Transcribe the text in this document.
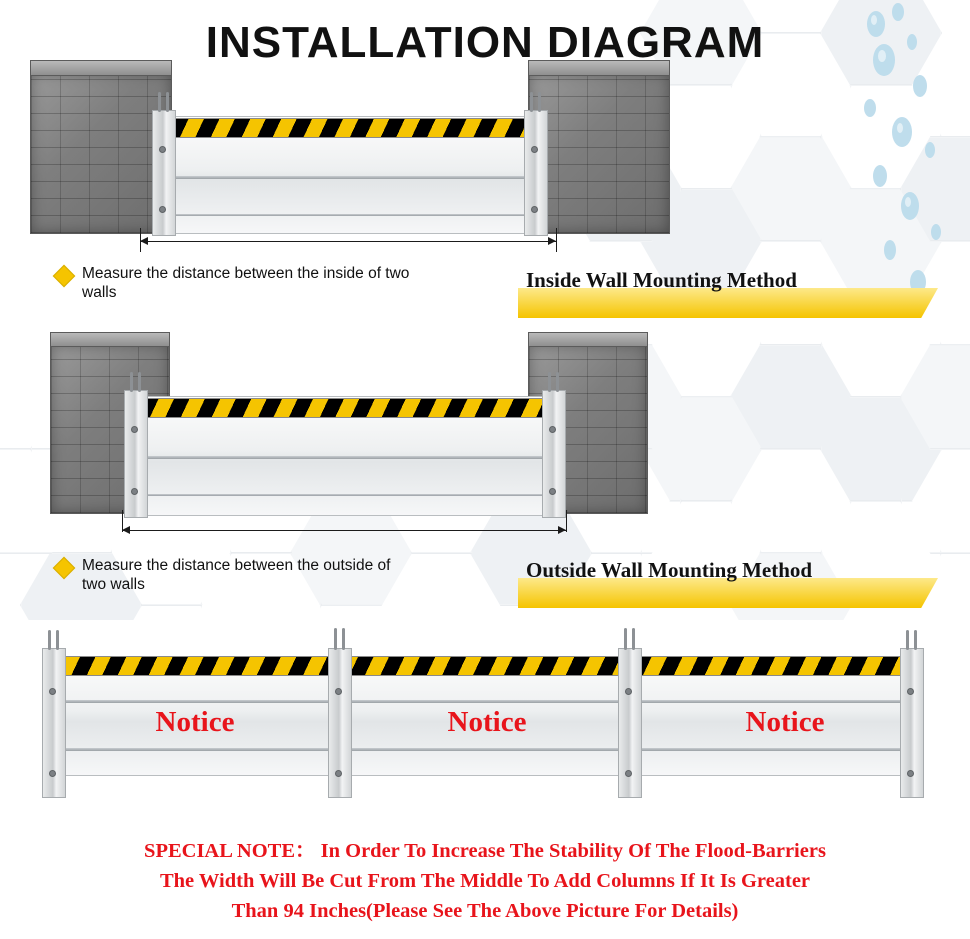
INSTALLATION DIAGRAM
Measure the distance between the inside of two walls
Inside Wall Mounting Method
Measure the distance between the outside of two walls
Outside Wall Mounting Method
Notice	Notice	Notice
SPECIAL NOTE： In Order To Increase The Stability Of The Flood-Barriers
The Width Will Be Cut From The Middle To Add Columns If It Is Greater
Than 94 Inches(Please See The Above Picture For Details)
